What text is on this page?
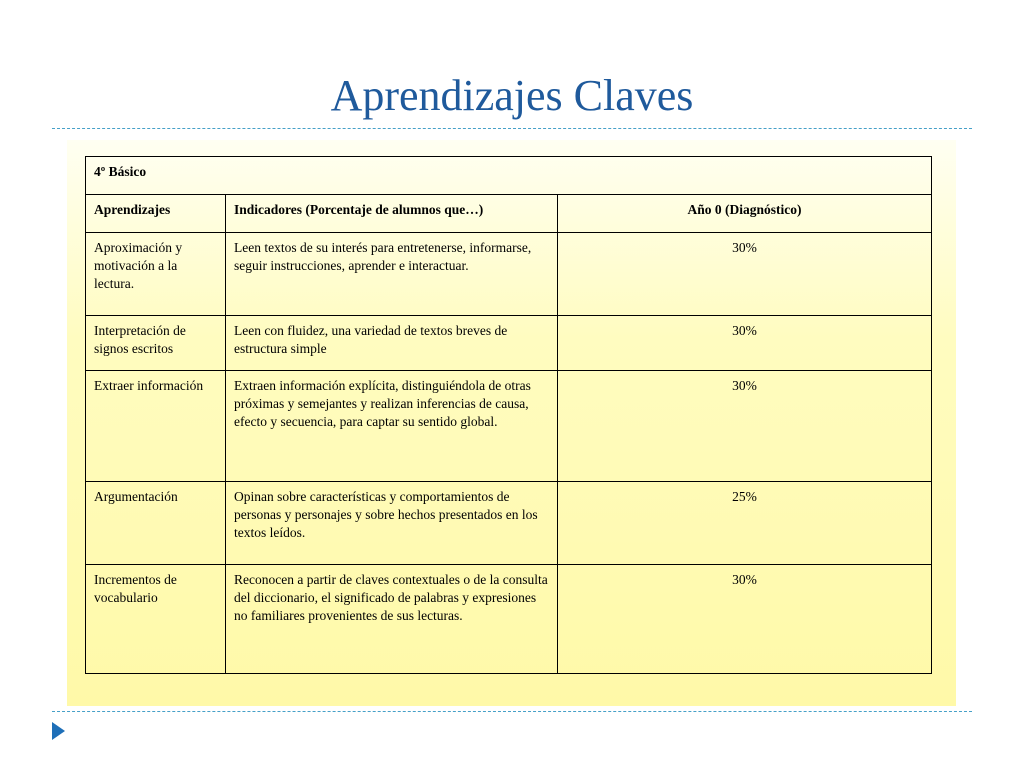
Aprendizajes Claves
4º Básico		
Aprendizajes	Indicadores (Porcentaje de alumnos que…)	Año 0 (Diagnóstico)
Aproximación y motivación a la lectura.	Leen textos de su interés para entretenerse, informarse, seguir instrucciones, aprender e interactuar.	30%
Interpretación de signos escritos	Leen con fluidez, una variedad de textos breves de estructura simple	30%
Extraer información	Extraen información explícita, distinguiéndola de otras próximas y semejantes y realizan inferencias de causa, efecto y secuencia, para captar su sentido global.	30%
Argumentación	Opinan sobre características y comportamientos de personas y personajes y sobre hechos presentados en los textos leídos.	25%
Incrementos de vocabulario	Reconocen a partir de claves contextuales o de la consulta del diccionario, el significado de palabras y expresiones no familiares provenientes de sus lecturas.	30%
